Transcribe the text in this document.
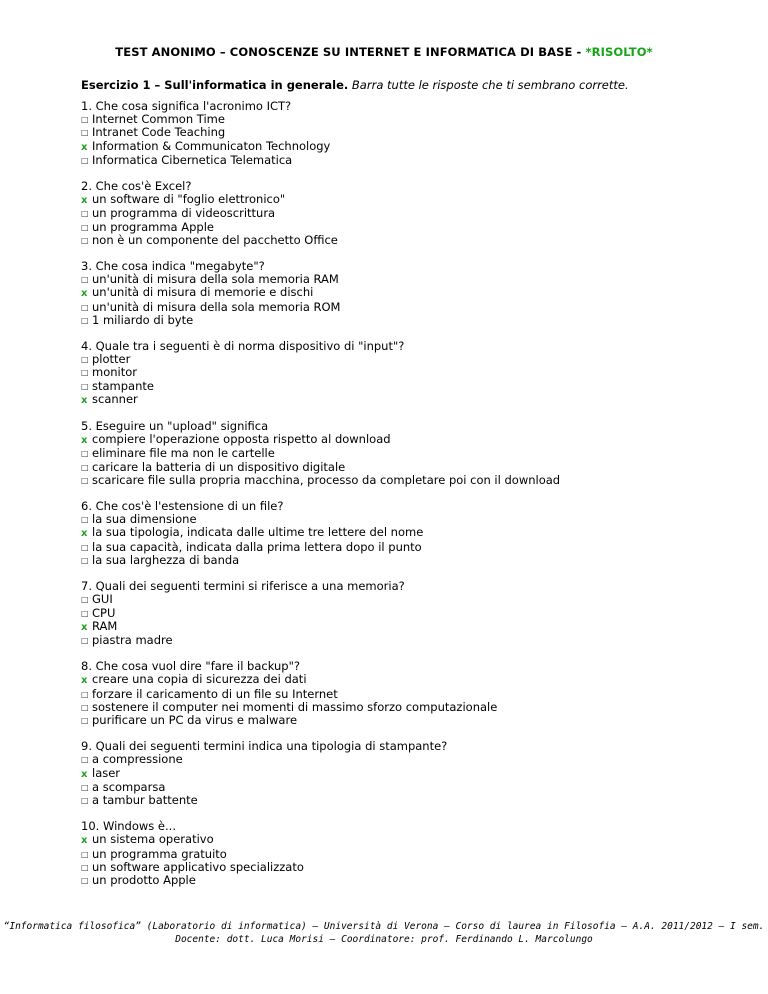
TEST ANONIMO – CONOSCENZE SU INTERNET E INFORMATICA DI BASE - *RISOLTO*
Esercizio 1 – Sull'informatica in generale. Barra tutte le risposte che ti sembrano corrette.
1. Che cosa significa l'acronimo ICT?
□ Internet Common Time
□ Intranet Code Teaching
x Information & Communicaton Technology
□ Informatica Cibernetica Telematica
2. Che cos'è Excel?
x un software di "foglio elettronico"
□ un programma di videoscrittura
□ un programma Apple
□ non è un componente del pacchetto Office
3. Che cosa indica "megabyte"?
□ un'unità di misura della sola memoria RAM
x un'unità di misura di memorie e dischi
□ un'unità di misura della sola memoria ROM
□ 1 miliardo di byte
4. Quale tra i seguenti è di norma dispositivo di "input"?
□ plotter
□ monitor
□ stampante
x scanner
5. Eseguire un "upload" significa
x compiere l'operazione opposta rispetto al download
□ eliminare file ma non le cartelle
□ caricare la batteria di un dispositivo digitale
□ scaricare file sulla propria macchina, processo da completare poi con il download
6. Che cos'è l'estensione di un file?
□ la sua dimensione
x la sua tipologia, indicata dalle ultime tre lettere del nome
□ la sua capacità, indicata dalla prima lettera dopo il punto
□ la sua larghezza di banda
7. Quali dei seguenti termini si riferisce a una memoria?
□ GUI
□ CPU
x RAM
□ piastra madre
8. Che cosa vuol dire "fare il backup"?
x creare una copia di sicurezza dei dati
□ forzare il caricamento di un file su Internet
□ sostenere il computer nei momenti di massimo sforzo computazionale
□ purificare un PC da virus e malware
9. Quali dei seguenti termini indica una tipologia di stampante?
□ a compressione
x laser
□ a scomparsa
□ a tambur battente
10. Windows è...
x un sistema operativo
□ un programma gratuito
□ un software applicativo specializzato
□ un prodotto Apple
“Informatica filosofica” (Laboratorio di informatica) – Università di Verona – Corso di laurea in Filosofia – A.A. 2011/2012 – I sem.
Docente: dott. Luca Morisi – Coordinatore: prof. Ferdinando L. Marcolungo
